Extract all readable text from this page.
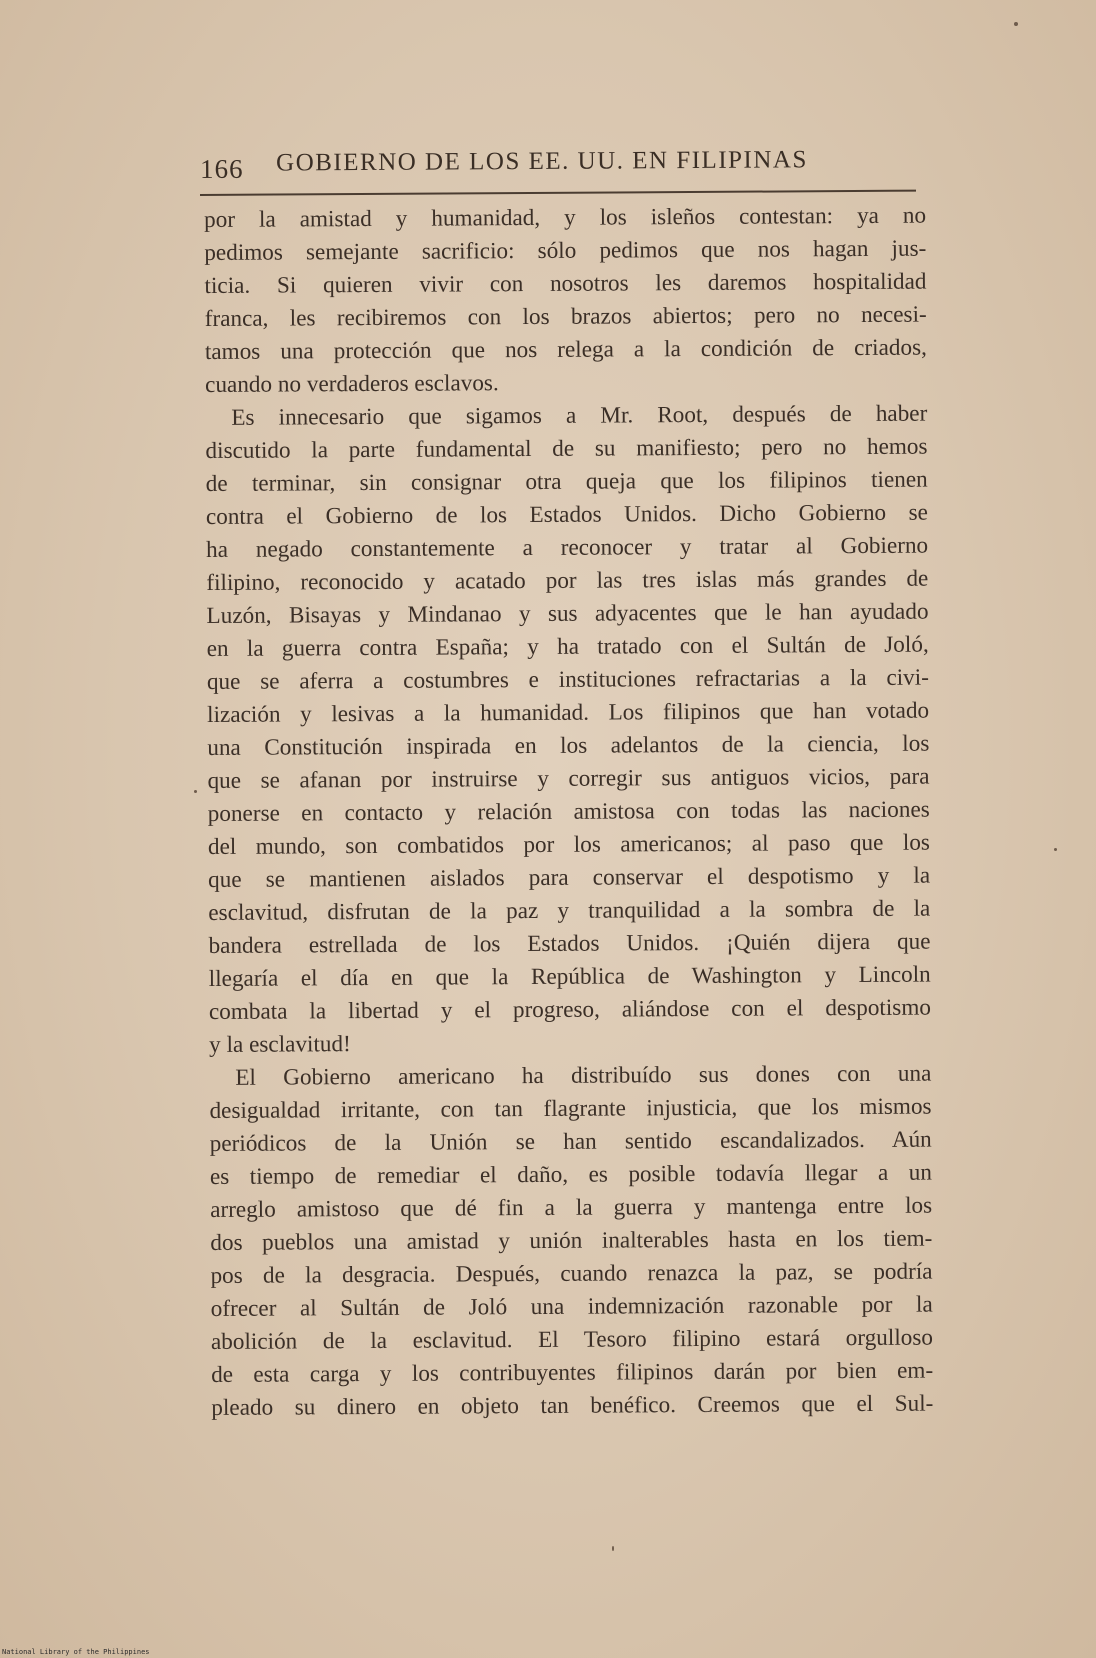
166 GOBIERNO DE LOS EE. UU. EN FILIPINAS
por la amistad y humanidad, y los isleños contestan: ya no
pedimos semejante sacrificio: sólo pedimos que nos hagan jus-
ticia. Si quieren vivir con nosotros les daremos hospitalidad
franca, les recibiremos con los brazos abiertos; pero no necesi-
tamos una protección que nos relega a la condición de criados,
cuando no verdaderos esclavos.
Es innecesario que sigamos a Mr. Root, después de haber
discutido la parte fundamental de su manifiesto; pero no hemos
de terminar, sin consignar otra queja que los filipinos tienen
contra el Gobierno de los Estados Unidos. Dicho Gobierno se
ha negado constantemente a reconocer y tratar al Gobierno
filipino, reconocido y acatado por las tres islas más grandes de
Luzón, Bisayas y Mindanao y sus adyacentes que le han ayudado
en la guerra contra España; y ha tratado con el Sultán de Joló,
que se aferra a costumbres e instituciones refractarias a la civi-
lización y lesivas a la humanidad. Los filipinos que han votado
una Constitución inspirada en los adelantos de la ciencia, los
que se afanan por instruirse y corregir sus antiguos vicios, para
ponerse en contacto y relación amistosa con todas las naciones
del mundo, son combatidos por los americanos; al paso que los
que se mantienen aislados para conservar el despotismo y la
esclavitud, disfrutan de la paz y tranquilidad a la sombra de la
bandera estrellada de los Estados Unidos. ¡Quién dijera que
llegaría el día en que la República de Washington y Lincoln
combata la libertad y el progreso, aliándose con el despotismo
y la esclavitud!
El Gobierno americano ha distribuído sus dones con una
desigualdad irritante, con tan flagrante injusticia, que los mismos
periódicos de la Unión se han sentido escandalizados. Aún
es tiempo de remediar el daño, es posible todavía llegar a un
arreglo amistoso que dé fin a la guerra y mantenga entre los
dos pueblos una amistad y unión inalterables hasta en los tiem-
pos de la desgracia. Después, cuando renazca la paz, se podría
ofrecer al Sultán de Joló una indemnización razonable por la
abolición de la esclavitud. El Tesoro filipino estará orgulloso
de esta carga y los contribuyentes filipinos darán por bien em-
pleado su dinero en objeto tan benéfico. Creemos que el Sul-
National Library of the Philippines
